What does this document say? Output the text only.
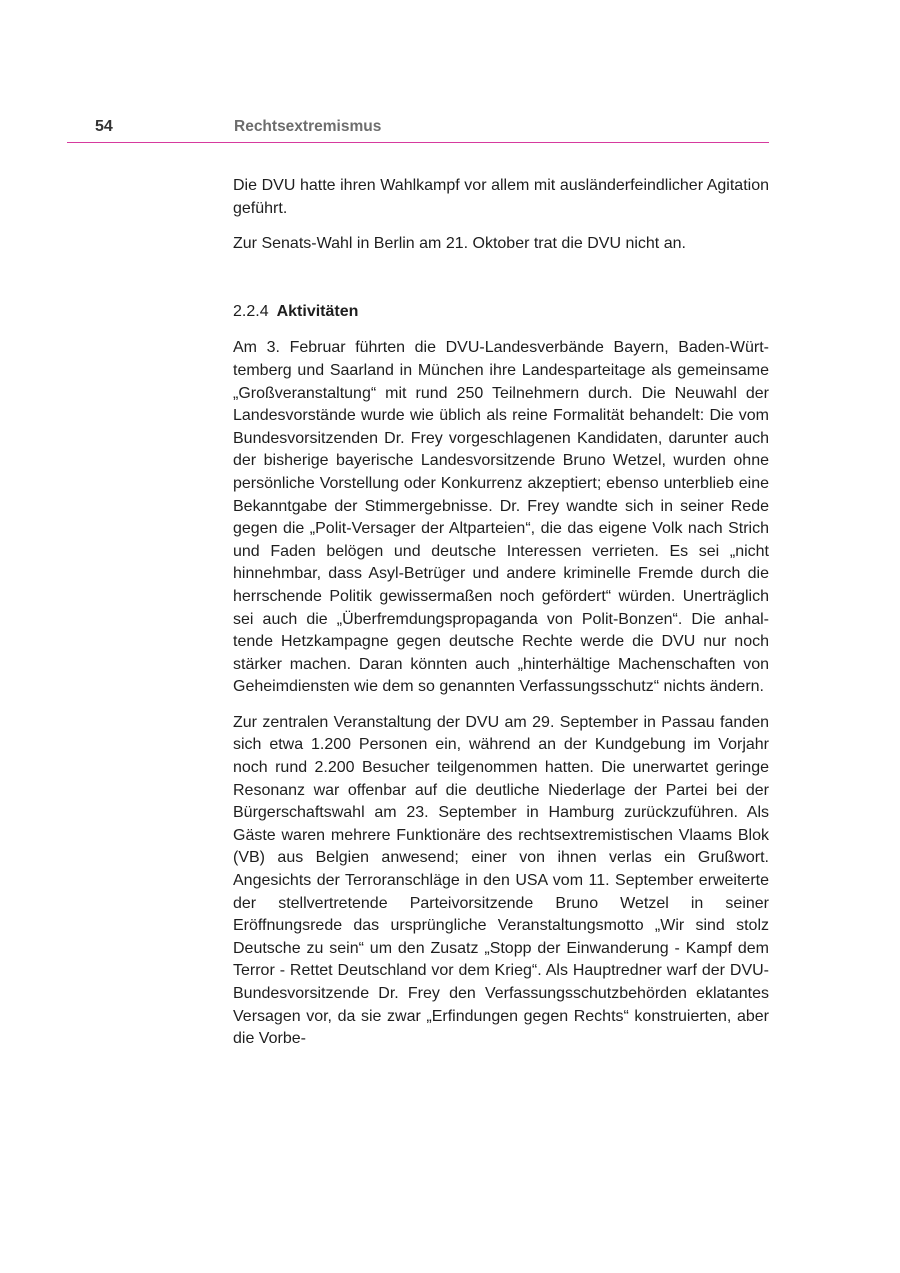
54	Rechtsextremismus

Die DVU hatte ihren Wahlkampf vor allem mit ausländerfeindlicher Agitation geführt.

Zur Senats-Wahl in Berlin am 21. Oktober trat die DVU nicht an.

2.2.4 Aktivitäten

Am 3. Februar führten die DVU-Landesverbände Bayern, Baden-Württemberg und Saarland in München ihre Landesparteitage als gemeinsame „Großveranstaltung“ mit rund 250 Teilnehmern durch. Die Neuwahl der Landesvorstände wurde wie üblich als reine Formalität behandelt: Die vom Bundesvorsitzenden Dr. Frey vorgeschlagenen Kandidaten, darunter auch der bisherige bayerische Landesvorsitzende Bruno Wetzel, wurden ohne persönliche Vorstellung oder Konkurrenz akzeptiert; ebenso unterblieb eine Bekanntgabe der Stimmergebnisse. Dr. Frey wandte sich in seiner Rede gegen die „Polit-Versager der Altparteien“, die das eigene Volk nach Strich und Faden belögen und deutsche Interessen verrieten. Es sei „nicht hinnehmbar, dass Asyl-Betrüger und andere kriminelle Fremde durch die herrschende Politik gewissermaßen noch gefördert“ würden. Unerträglich sei auch die „Überfremdungspropaganda von Polit-Bonzen“. Die anhaltende Hetzkampagne gegen deutsche Rechte werde die DVU nur noch stärker machen. Daran könnten auch „hinterhältige Machenschaften von Geheimdiensten wie dem so genannten Verfassungsschutz“ nichts ändern.

Zur zentralen Veranstaltung der DVU am 29. September in Passau fanden sich etwa 1.200 Personen ein, während an der Kundgebung im Vorjahr noch rund 2.200 Besucher teilgenommen hatten. Die unerwartet geringe Resonanz war offenbar auf die deutliche Niederlage der Partei bei der Bürgerschaftswahl am 23. September in Hamburg zurückzuführen. Als Gäste waren mehrere Funktionäre des rechtsextremistischen Vlaams Blok (VB) aus Belgien anwesend; einer von ihnen verlas ein Grußwort. Angesichts der Terroranschläge in den USA vom 11. September erweiterte der stellvertretende Parteivorsitzende Bruno Wetzel in seiner Eröffnungsrede das ursprüngliche Veranstaltungsmotto „Wir sind stolz Deutsche zu sein“ um den Zusatz „Stopp der Einwanderung - Kampf dem Terror - Rettet Deutschland vor dem Krieg“. Als Hauptredner warf der DVU-Bundesvorsitzende Dr. Frey den Verfassungsschutzbehörden eklatantes Versagen vor, da sie zwar „Erfindungen gegen Rechts“ konstruierten, aber die Vorbe-
